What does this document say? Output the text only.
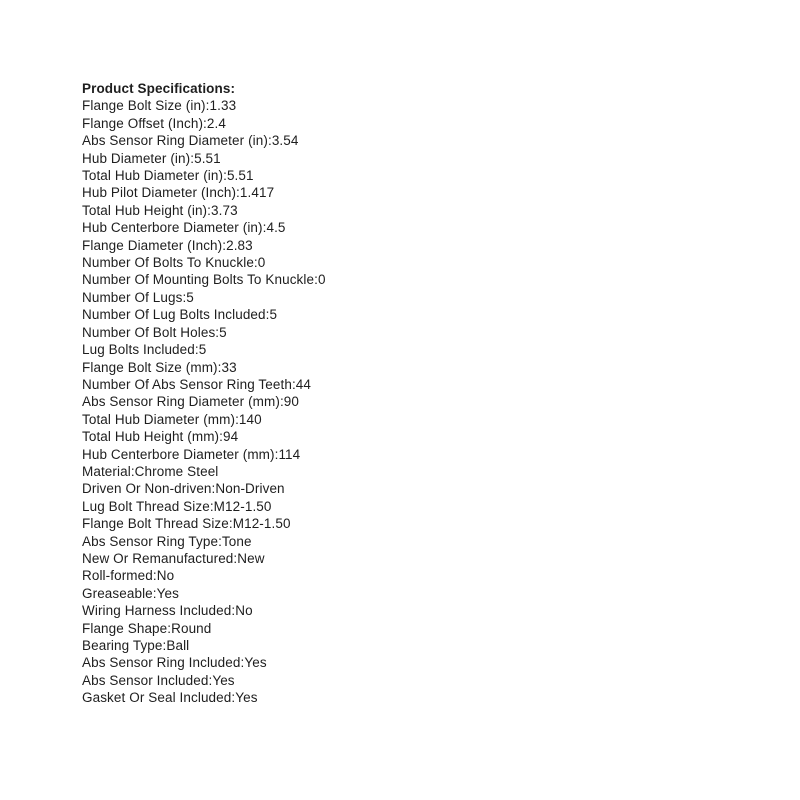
Product Specifications:
Flange Bolt Size (in):1.33
Flange Offset (Inch):2.4
Abs Sensor Ring Diameter (in):3.54
Hub Diameter (in):5.51
Total Hub Diameter (in):5.51
Hub Pilot Diameter (Inch):1.417
Total Hub Height (in):3.73
Hub Centerbore Diameter (in):4.5
Flange Diameter (Inch):2.83
Number Of Bolts To Knuckle:0
Number Of Mounting Bolts To Knuckle:0
Number Of Lugs:5
Number Of Lug Bolts Included:5
Number Of Bolt Holes:5
Lug Bolts Included:5
Flange Bolt Size (mm):33
Number Of Abs Sensor Ring Teeth:44
Abs Sensor Ring Diameter (mm):90
Total Hub Diameter (mm):140
Total Hub Height (mm):94
Hub Centerbore Diameter (mm):114
Material:Chrome Steel
Driven Or Non-driven:Non-Driven
Lug Bolt Thread Size:M12-1.50
Flange Bolt Thread Size:M12-1.50
Abs Sensor Ring Type:Tone
New Or Remanufactured:New
Roll-formed:No
Greaseable:Yes
Wiring Harness Included:No
Flange Shape:Round
Bearing Type:Ball
Abs Sensor Ring Included:Yes
Abs Sensor Included:Yes
Gasket Or Seal Included:Yes
